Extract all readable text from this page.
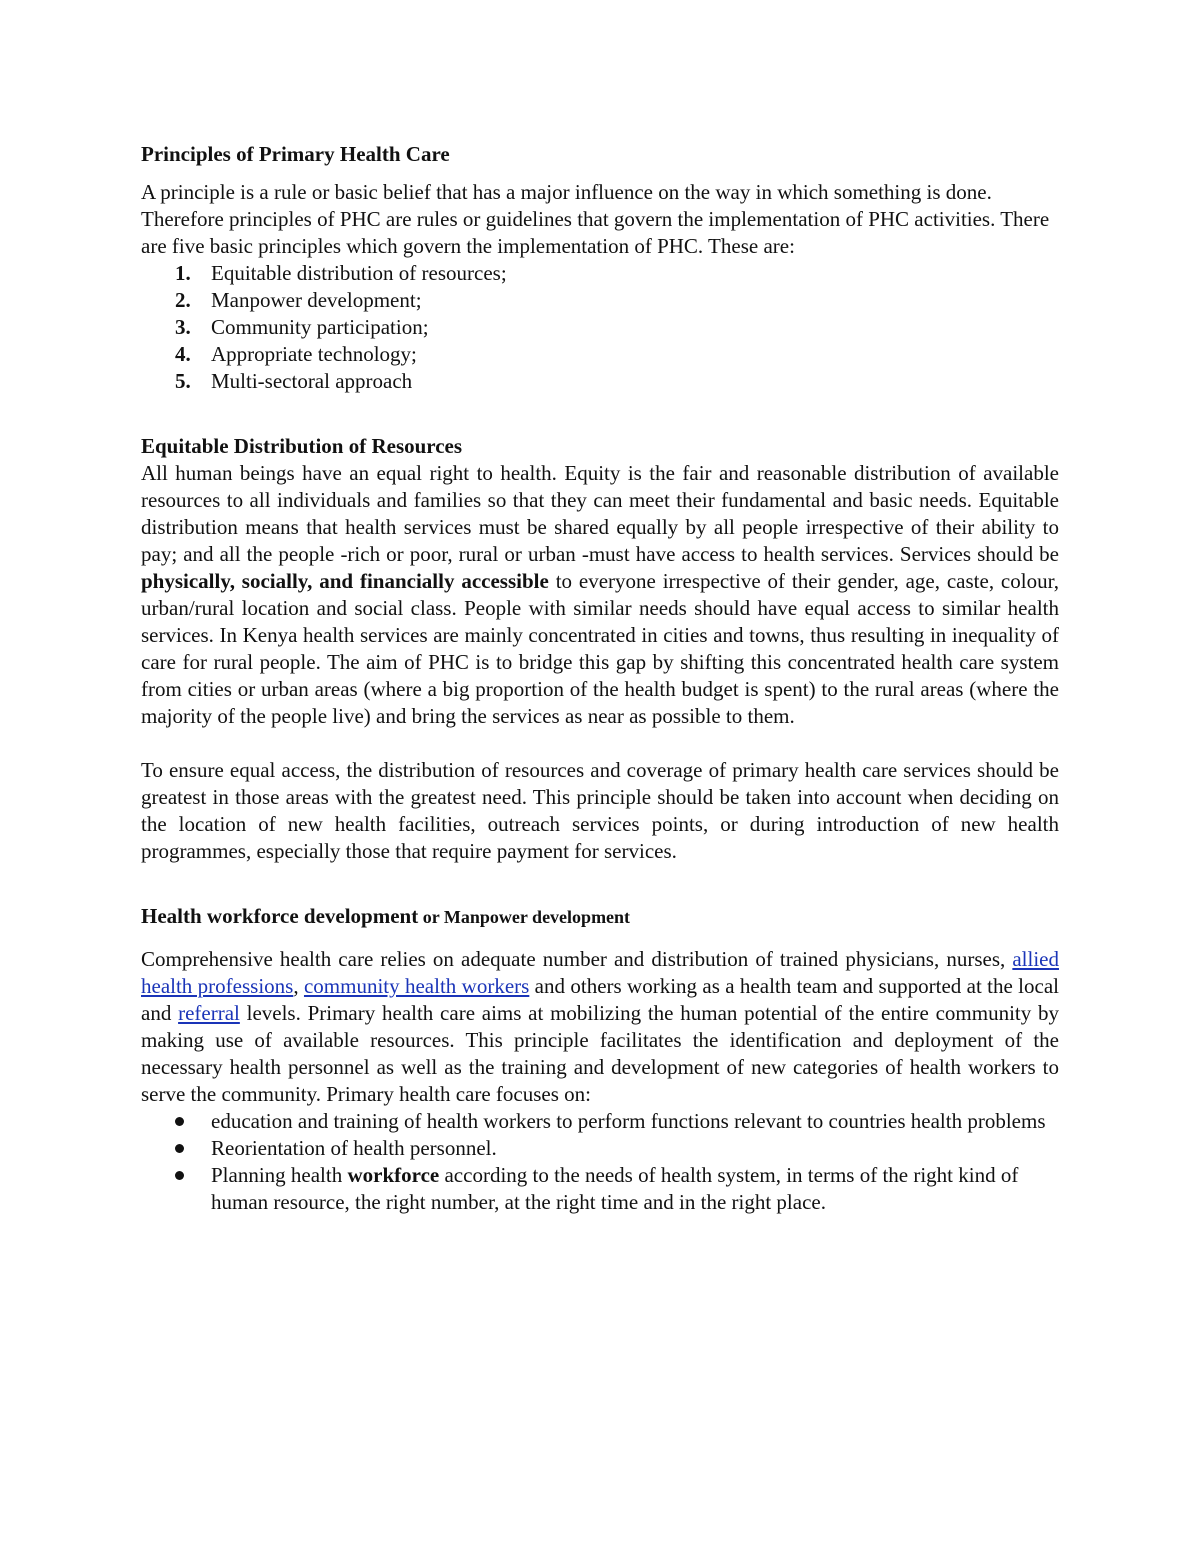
Principles of Primary Health Care

A principle is a rule or basic belief that has a major influence on the way in which something is done. Therefore principles of PHC are rules or guidelines that govern the implementation of PHC activities. There are five basic principles which govern the implementation of PHC. These are:

1. Equitable distribution of resources;
2. Manpower development;
3. Community participation;
4. Appropriate technology;
5. Multi-sectoral approach
Equitable Distribution of Resources

All human beings have an equal right to health. Equity is the fair and reasonable distribution of available resources to all individuals and families so that they can meet their fundamental and basic needs. Equitable distribution means that health services must be shared equally by all people irrespective of their ability to pay; and all the people -rich or poor, rural or urban -must have access to health services. Services should be physically, socially, and financially accessible to everyone irrespective of their gender, age, caste, colour, urban/rural location and social class. People with similar needs should have equal access to similar health services. In Kenya health services are mainly concentrated in cities and towns, thus resulting in inequality of care for rural people. The aim of PHC is to bridge this gap by shifting this concentrated health care system from cities or urban areas (where a big proportion of the health budget is spent) to the rural areas (where the majority of the people live) and bring the services as near as possible to them.

To ensure equal access, the distribution of resources and coverage of primary health care services should be greatest in those areas with the greatest need. This principle should be taken into account when deciding on the location of new health facilities, outreach services points, or during introduction of new health programmes, especially those that require payment for services.

Health workforce development or Manpower development

Comprehensive health care relies on adequate number and distribution of trained physicians, nurses, allied health professions, community health workers and others working as a health team and supported at the local and referral levels. Primary health care aims at mobilizing the human potential of the entire community by making use of available resources. This principle facilitates the identification and deployment of the necessary health personnel as well as the training and development of new categories of health workers to serve the community. Primary health care focuses on:

education and training of health workers to perform functions relevant to countries health problems
Reorientation of health personnel.
Planning health workforce according to the needs of health system, in terms of the right kind of human resource, the right number, at the right time and in the right place.
